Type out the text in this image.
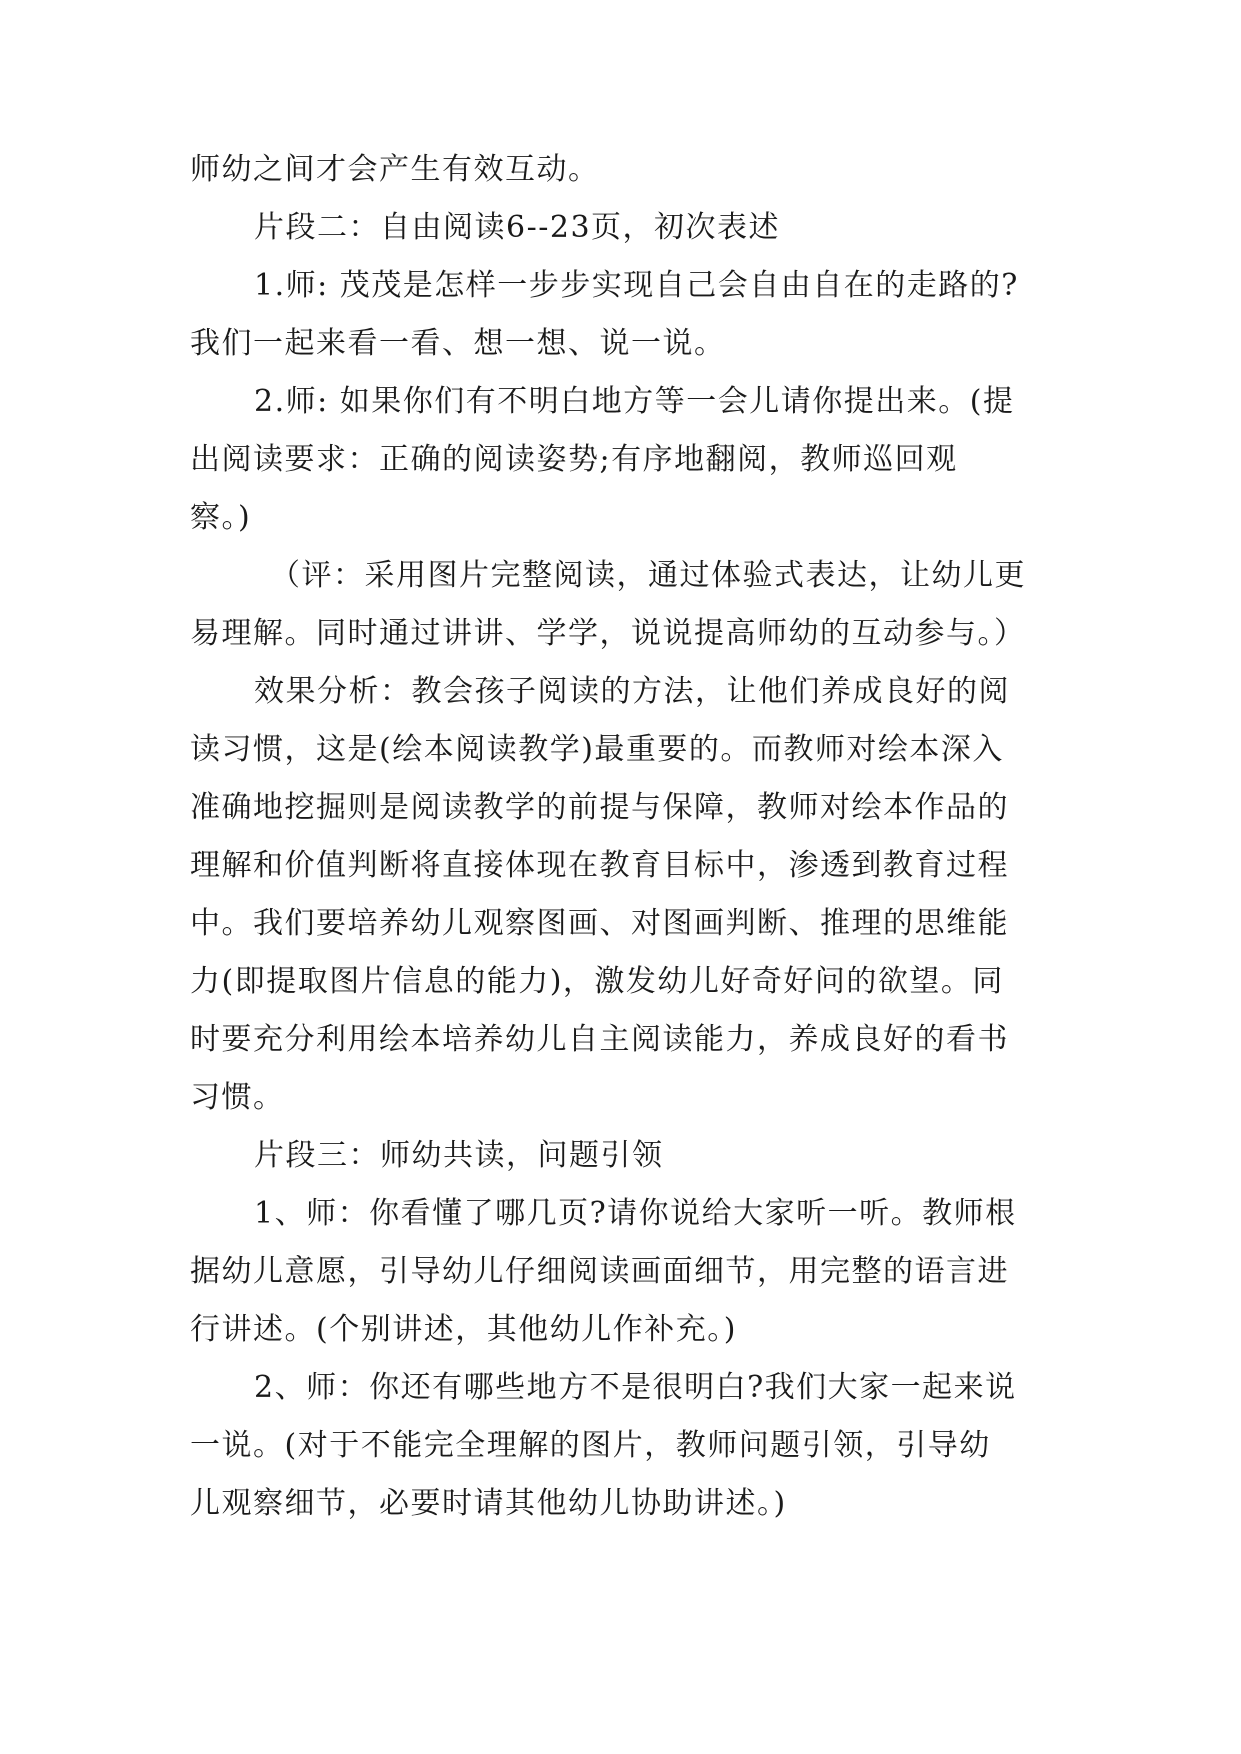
师幼之间才会产生有效互动。
片段二：自由阅读6--23页，初次表述
1.师: 茂茂是怎样一步步实现自己会自由自在的走路的?
我们一起来看一看、想一想、说一说。
2.师: 如果你们有不明白地方等一会儿请你提出来。(提
出阅读要求：正确的阅读姿势;有序地翻阅，教师巡回观
察。)
（评：采用图片完整阅读，通过体验式表达，让幼儿更
易理解。同时通过讲讲、学学，说说提高师幼的互动参与。）
效果分析：教会孩子阅读的方法，让他们养成良好的阅
读习惯，这是(绘本阅读教学)最重要的。而教师对绘本深入
准确地挖掘则是阅读教学的前提与保障，教师对绘本作品的
理解和价值判断将直接体现在教育目标中，渗透到教育过程
中。我们要培养幼儿观察图画、对图画判断、推理的思维能
力(即提取图片信息的能力)，激发幼儿好奇好问的欲望。同
时要充分利用绘本培养幼儿自主阅读能力，养成良好的看书
习惯。
片段三：师幼共读，问题引领
1、师：你看懂了哪几页?请你说给大家听一听。教师根
据幼儿意愿，引导幼儿仔细阅读画面细节，用完整的语言进
行讲述。(个别讲述，其他幼儿作补充。)
2、师：你还有哪些地方不是很明白?我们大家一起来说
一说。(对于不能完全理解的图片，教师问题引领，引导幼
儿观察细节，必要时请其他幼儿协助讲述。)
